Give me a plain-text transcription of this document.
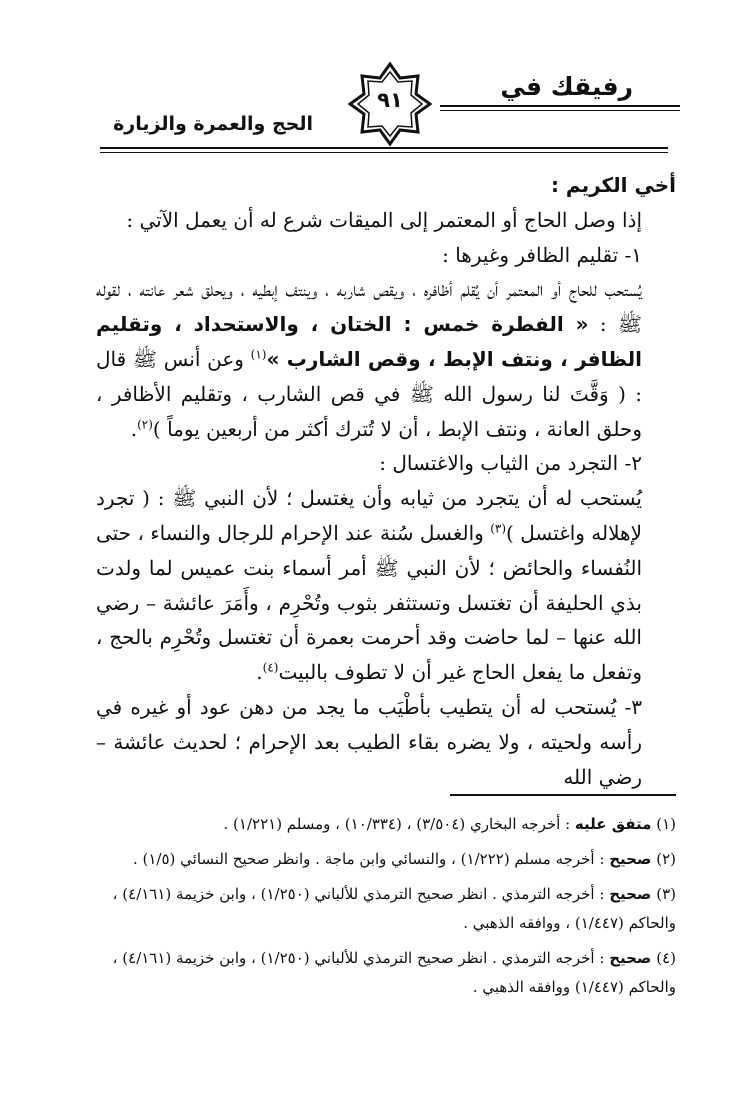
رفيقك في
٩١
الحج والعمرة والزيارة

أخي الكريم :

إذا وصل الحاج أو المعتمر إلى الميقات شرع له أن يعمل الآتي :

١- تقليم الظافر وغيرها :

يُستحب للحاج أو المعتمر أن يُقلم أظافره ، ويقص شاربه ، وينتف إبطيه ، ويحلق شعر عانته ، لقوله ﷺ : « الفطرة خمس : الختان ، والاستحداد ، وتقليم الظافر ، ونتف الإبط ، وقص الشارب »$^{(١)}$ وعن أنس ﷺ قال : ( وَقَّتَ لنا رسول الله ﷺ في قص الشارب ، وتقليم الأظافر ، وحلق العانة ، ونتف الإبط ، أن لا تُترك أكثر من أربعين يوماً )$^{(٢)}$.

٢- التجرد من الثياب والاغتسال :

يُستحب له أن يتجرد من ثيابه وأن يغتسل ؛ لأن النبي ﷺ : ( تجرد لإهلاله واغتسل )$^{(٣)}$ والغسل سُنة عند الإحرام للرجال والنساء ، حتى النُفساء والحائض ؛ لأن النبي ﷺ أمر أسماء بنت عميس لما ولدت بذي الحليفة أن تغتسل وتستثفر بثوب وتُحْرِم ، وأَمَرَ عائشة – رضي الله عنها – لما حاضت وقد أحرمت بعمرة أن تغتسل وتُحْرِم بالحج ، وتفعل ما يفعل الحاج غير أن لا تطوف بالبيت$^{(٤)}$.

٣- يُستحب له أن يتطيب بأطْيَب ما يجد من دهن عود أو غيره في رأسه ولحيته ، ولا يضره بقاء الطيب بعد الإحرام ؛ لحديث عائشة – رضي الله

(١) متفق عليه : أخرجه البخاري (٣/٥٠٤) ، (١٠/٣٣٤) ، ومسلم (١/٢٢١) .

(٢) صحيح : أخرجه مسلم (١/٢٢٢) ، والنسائي وابن ماجة . وانظر صحيح النسائي (١/٥) .

(٣) صحيح : أخرجه الترمذي . انظر صحيح الترمذي للألباني (١/٢٥٠) ، وابن خزيمة (٤/١٦١) ، والحاكم (١/٤٤٧) ، ووافقه الذهبي .

(٤) صحيح : أخرجه الترمذي . انظر صحيح الترمذي للألباني (١/٢٥٠) ، وابن خزيمة (٤/١٦١) ، والحاكم (١/٤٤٧) ووافقه الذهبي .
